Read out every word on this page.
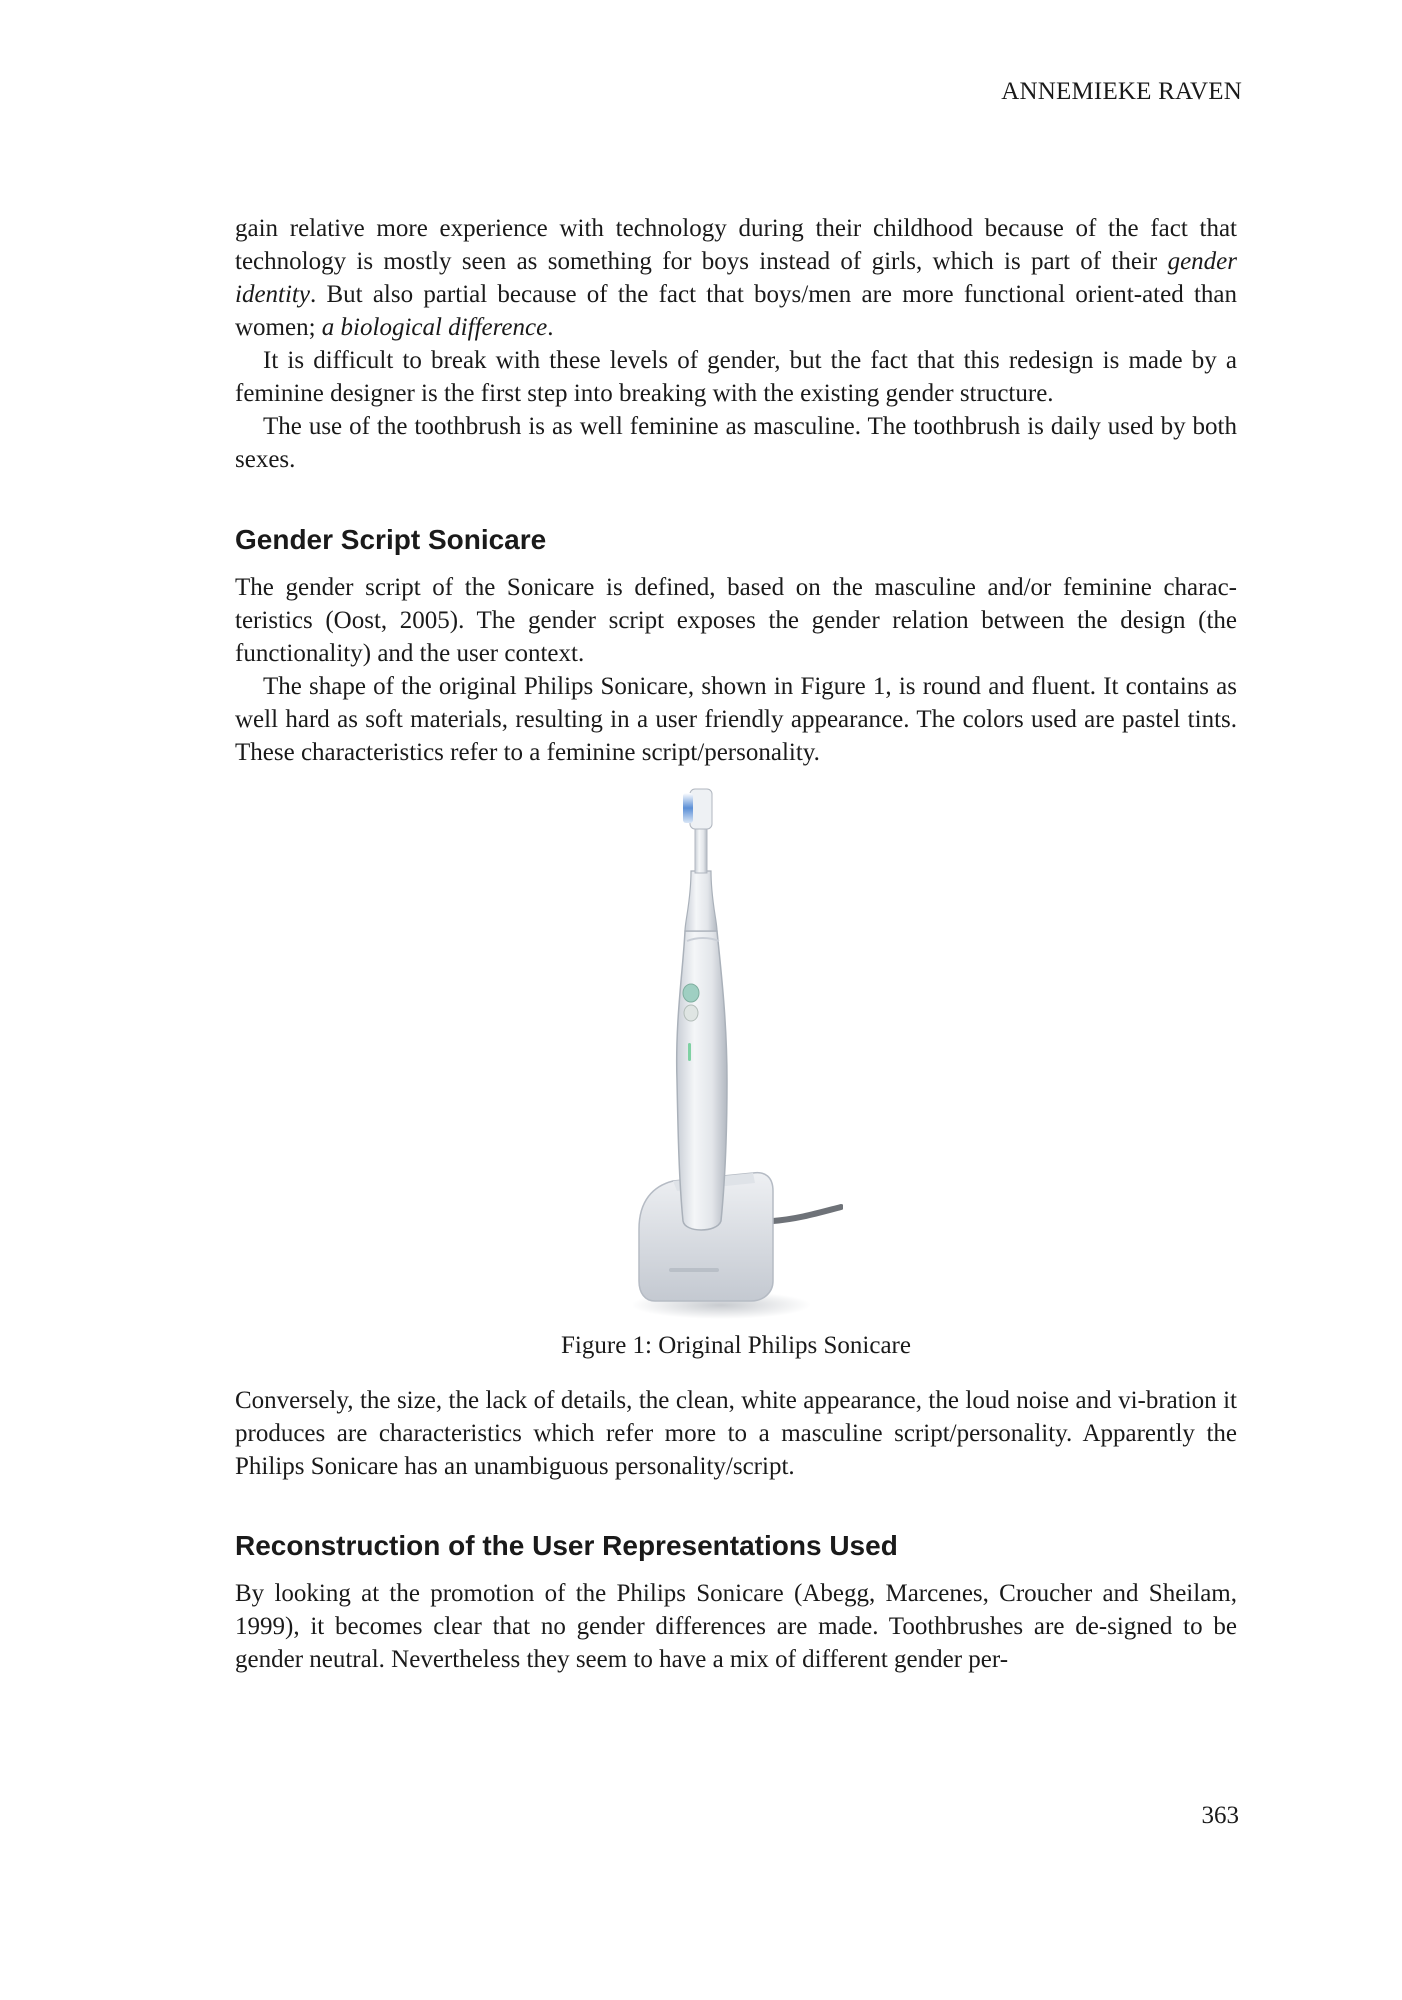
ANNEMIEKE RAVEN

gain relative more experience with technology during their childhood because of the fact that technology is mostly seen as something for boys instead of girls, which is part of their gender identity. But also partial because of the fact that boys/men are more functional orient-ated than women; a biological difference.

It is difficult to break with these levels of gender, but the fact that this redesign is made by a feminine designer is the first step into breaking with the existing gender structure.

The use of the toothbrush is as well feminine as masculine. The toothbrush is daily used by both sexes.

Gender Script Sonicare

The gender script of the Sonicare is defined, based on the masculine and/or feminine charac-teristics (Oost, 2005). The gender script exposes the gender relation between the design (the functionality) and the user context.

The shape of the original Philips Sonicare, shown in Figure 1, is round and fluent. It contains as well hard as soft materials, resulting in a user friendly appearance. The colors used are pastel tints. These characteristics refer to a feminine script/personality.

Figure 1: Original Philips Sonicare

Conversely, the size, the lack of details, the clean, white appearance, the loud noise and vi-bration it produces are characteristics which refer more to a masculine script/personality. Apparently the Philips Sonicare has an unambiguous personality/script.

Reconstruction of the User Representations Used

By looking at the promotion of the Philips Sonicare (Abegg, Marcenes, Croucher and Sheilam, 1999), it becomes clear that no gender differences are made. Toothbrushes are de-signed to be gender neutral. Nevertheless they seem to have a mix of different gender per-

363
